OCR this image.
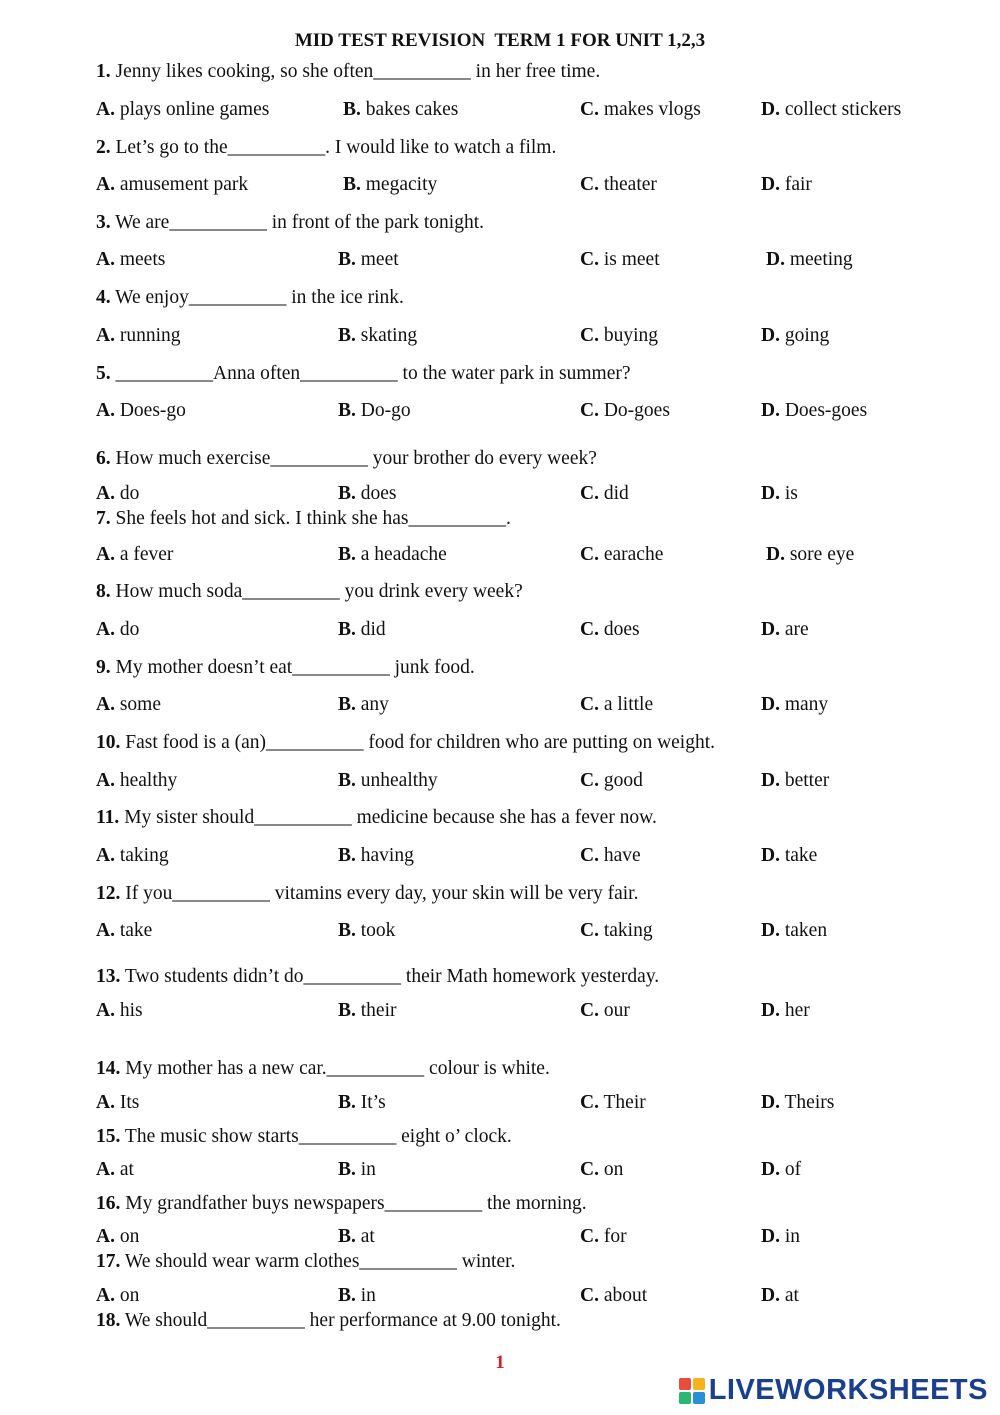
MID TEST REVISION  TERM 1 FOR UNIT 1,2,3
1. Jenny likes cooking, so she often__________ in her free time.
A. plays online games	B. bakes cakes	C. makes vlogs	D. collect stickers
2. Let’s go to the__________. I would like to watch a film.
A. amusement park	B. megacity	C. theater	D. fair
3. We are__________ in front of the park tonight.
A. meets	B. meet	C. is meet	D. meeting
4. We enjoy__________ in the ice rink.
A. running	B. skating	C. buying	D. going
5. __________Anna often__________ to the water park in summer?
A. Does-go	B. Do-go	C. Do-goes	D. Does-goes
6. How much exercise__________ your brother do every week?
A. do	B. does	C. did	D. is
7. She feels hot and sick. I think she has__________.
A. a fever	B. a headache	C. earache	D. sore eye
8. How much soda__________ you drink every week?
A. do	B. did	C. does	D. are
9. My mother doesn’t eat__________ junk food.
A. some	B. any	C. a little	D. many
10. Fast food is a (an)__________ food for children who are putting on weight.
A. healthy	B. unhealthy	C. good	D. better
11. My sister should__________ medicine because she has a fever now.
A. taking	B. having	C. have	D. take
12. If you__________ vitamins every day, your skin will be very fair.
A. take	B. took	C. taking	D. taken
13. Two students didn’t do__________ their Math homework yesterday.
A. his	B. their	C. our	D. her
14. My mother has a new car.__________ colour is white.
A. Its	B. It’s	C. Their	D. Theirs
15. The music show starts__________ eight o’ clock.
A. at	B. in	C. on	D. of
16. My grandfather buys newspapers__________ the morning.
A. on	B. at	C. for	D. in
17. We should wear warm clothes__________ winter.
A. on	B. in	C. about	D. at
18. We should__________ her performance at 9.00 tonight.
1
LIVEWORKSHEETS
